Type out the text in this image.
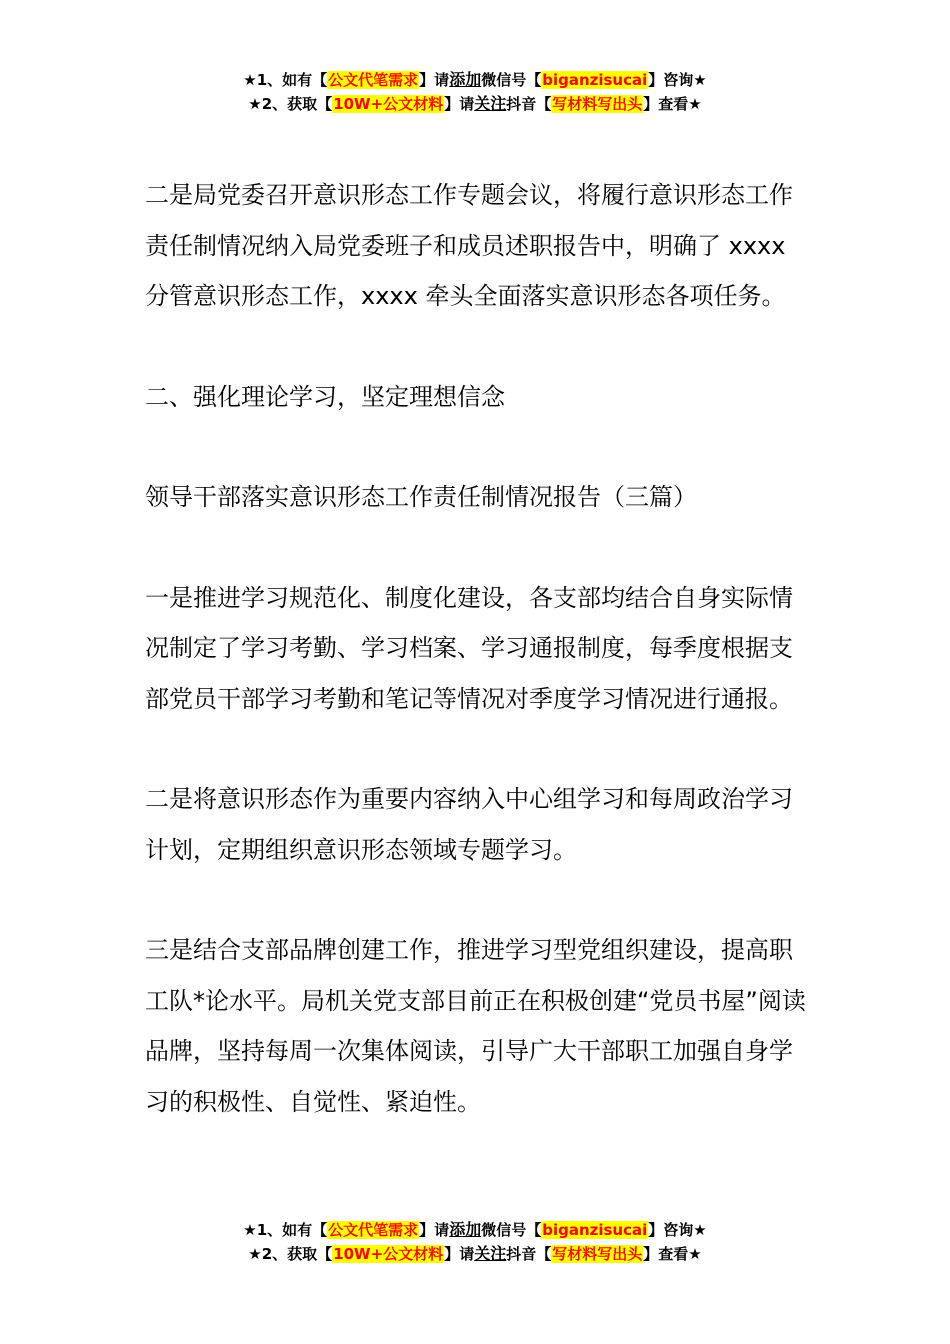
★1、如有【公文代笔需求】请添加微信号【biganzisucai】咨询★
★2、获取【10W+公文材料】请关注抖音【写材料写出头】查看★

二是局党委召开意识形态工作专题会议，将履行意识形态工作责任制情况纳入局党委班子和成员述职报告中，明确了 xxxx 分管意识形态工作，xxxx 牵头全面落实意识形态各项任务。

二、强化理论学习，坚定理想信念

领导干部落实意识形态工作责任制情况报告（三篇）

一是推进学习规范化、制度化建设，各支部均结合自身实际情况制定了学习考勤、学习档案、学习通报制度，每季度根据支部党员干部学习考勤和笔记等情况对季度学习情况进行通报。

二是将意识形态作为重要内容纳入中心组学习和每周政治学习计划，定期组织意识形态领域专题学习。

三是结合支部品牌创建工作，推进学习型党组织建设，提高职工队*论水平。局机关党支部目前正在积极创建“党员书屋”阅读品牌，坚持每周一次集体阅读，引导广大干部职工加强自身学习的积极性、自觉性、紧迫性。

★1、如有【公文代笔需求】请添加微信号【biganzisucai】咨询★
★2、获取【10W+公文材料】请关注抖音【写材料写出头】查看★
